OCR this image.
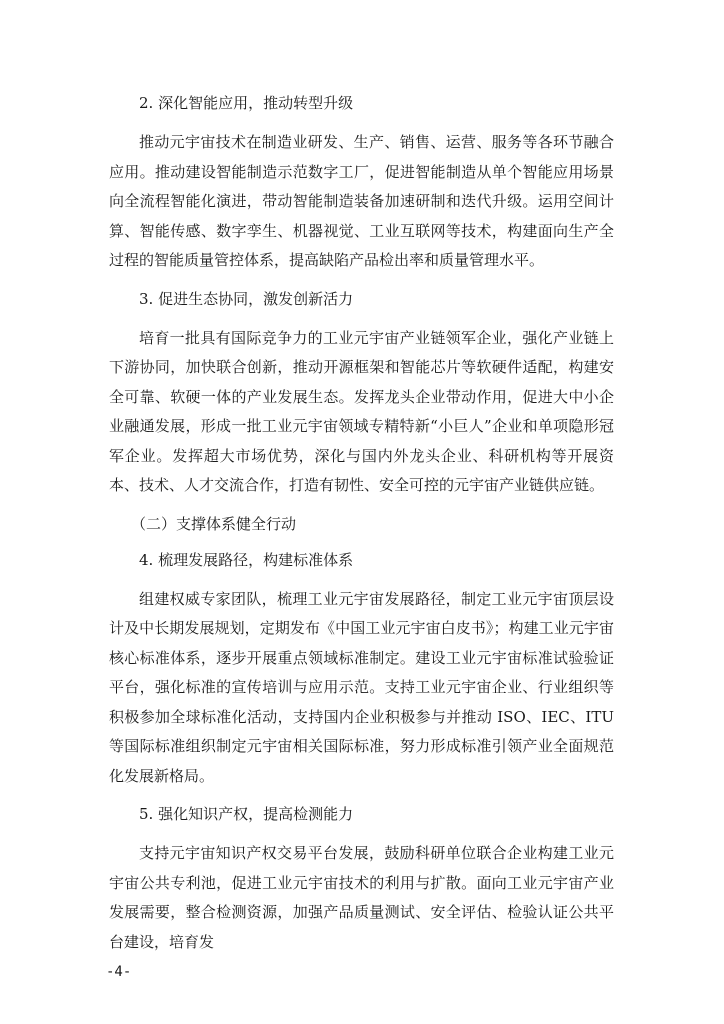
2. 深化智能应用，推动转型升级

推动元宇宙技术在制造业研发、生产、销售、运营、服务等各环节融合应用。推动建设智能制造示范数字工厂，促进智能制造从单个智能应用场景向全流程智能化演进，带动智能制造装备加速研制和迭代升级。运用空间计算、智能传感、数字孪生、机器视觉、工业互联网等技术，构建面向生产全过程的智能质量管控体系，提高缺陷产品检出率和质量管理水平。

3. 促进生态协同，激发创新活力

培育一批具有国际竞争力的工业元宇宙产业链领军企业，强化产业链上下游协同，加快联合创新，推动开源框架和智能芯片等软硬件适配，构建安全可靠、软硬一体的产业发展生态。发挥龙头企业带动作用，促进大中小企业融通发展，形成一批工业元宇宙领域专精特新“小巨人”企业和单项隐形冠军企业。发挥超大市场优势，深化与国内外龙头企业、科研机构等开展资本、技术、人才交流合作，打造有韧性、安全可控的元宇宙产业链供应链。

（二）支撑体系健全行动
4. 梳理发展路径，构建标准体系

组建权威专家团队，梳理工业元宇宙发展路径，制定工业元宇宙顶层设计及中长期发展规划，定期发布《中国工业元宇宙白皮书》；构建工业元宇宙核心标准体系，逐步开展重点领域标准制定。建设工业元宇宙标准试验验证平台，强化标准的宣传培训与应用示范。支持工业元宇宙企业、行业组织等积极参加全球标准化活动，支持国内企业积极参与并推动 ISO、IEC、ITU 等国际标准组织制定元宇宙相关国际标准，努力形成标准引领产业全面规范化发展新格局。

5. 强化知识产权，提高检测能力

支持元宇宙知识产权交易平台发展，鼓励科研单位联合企业构建工业元宇宙公共专利池，促进工业元宇宙技术的利用与扩散。面向工业元宇宙产业发展需要，整合检测资源，加强产品质量测试、安全评估、检验认证公共平台建设，培育发

-4-
